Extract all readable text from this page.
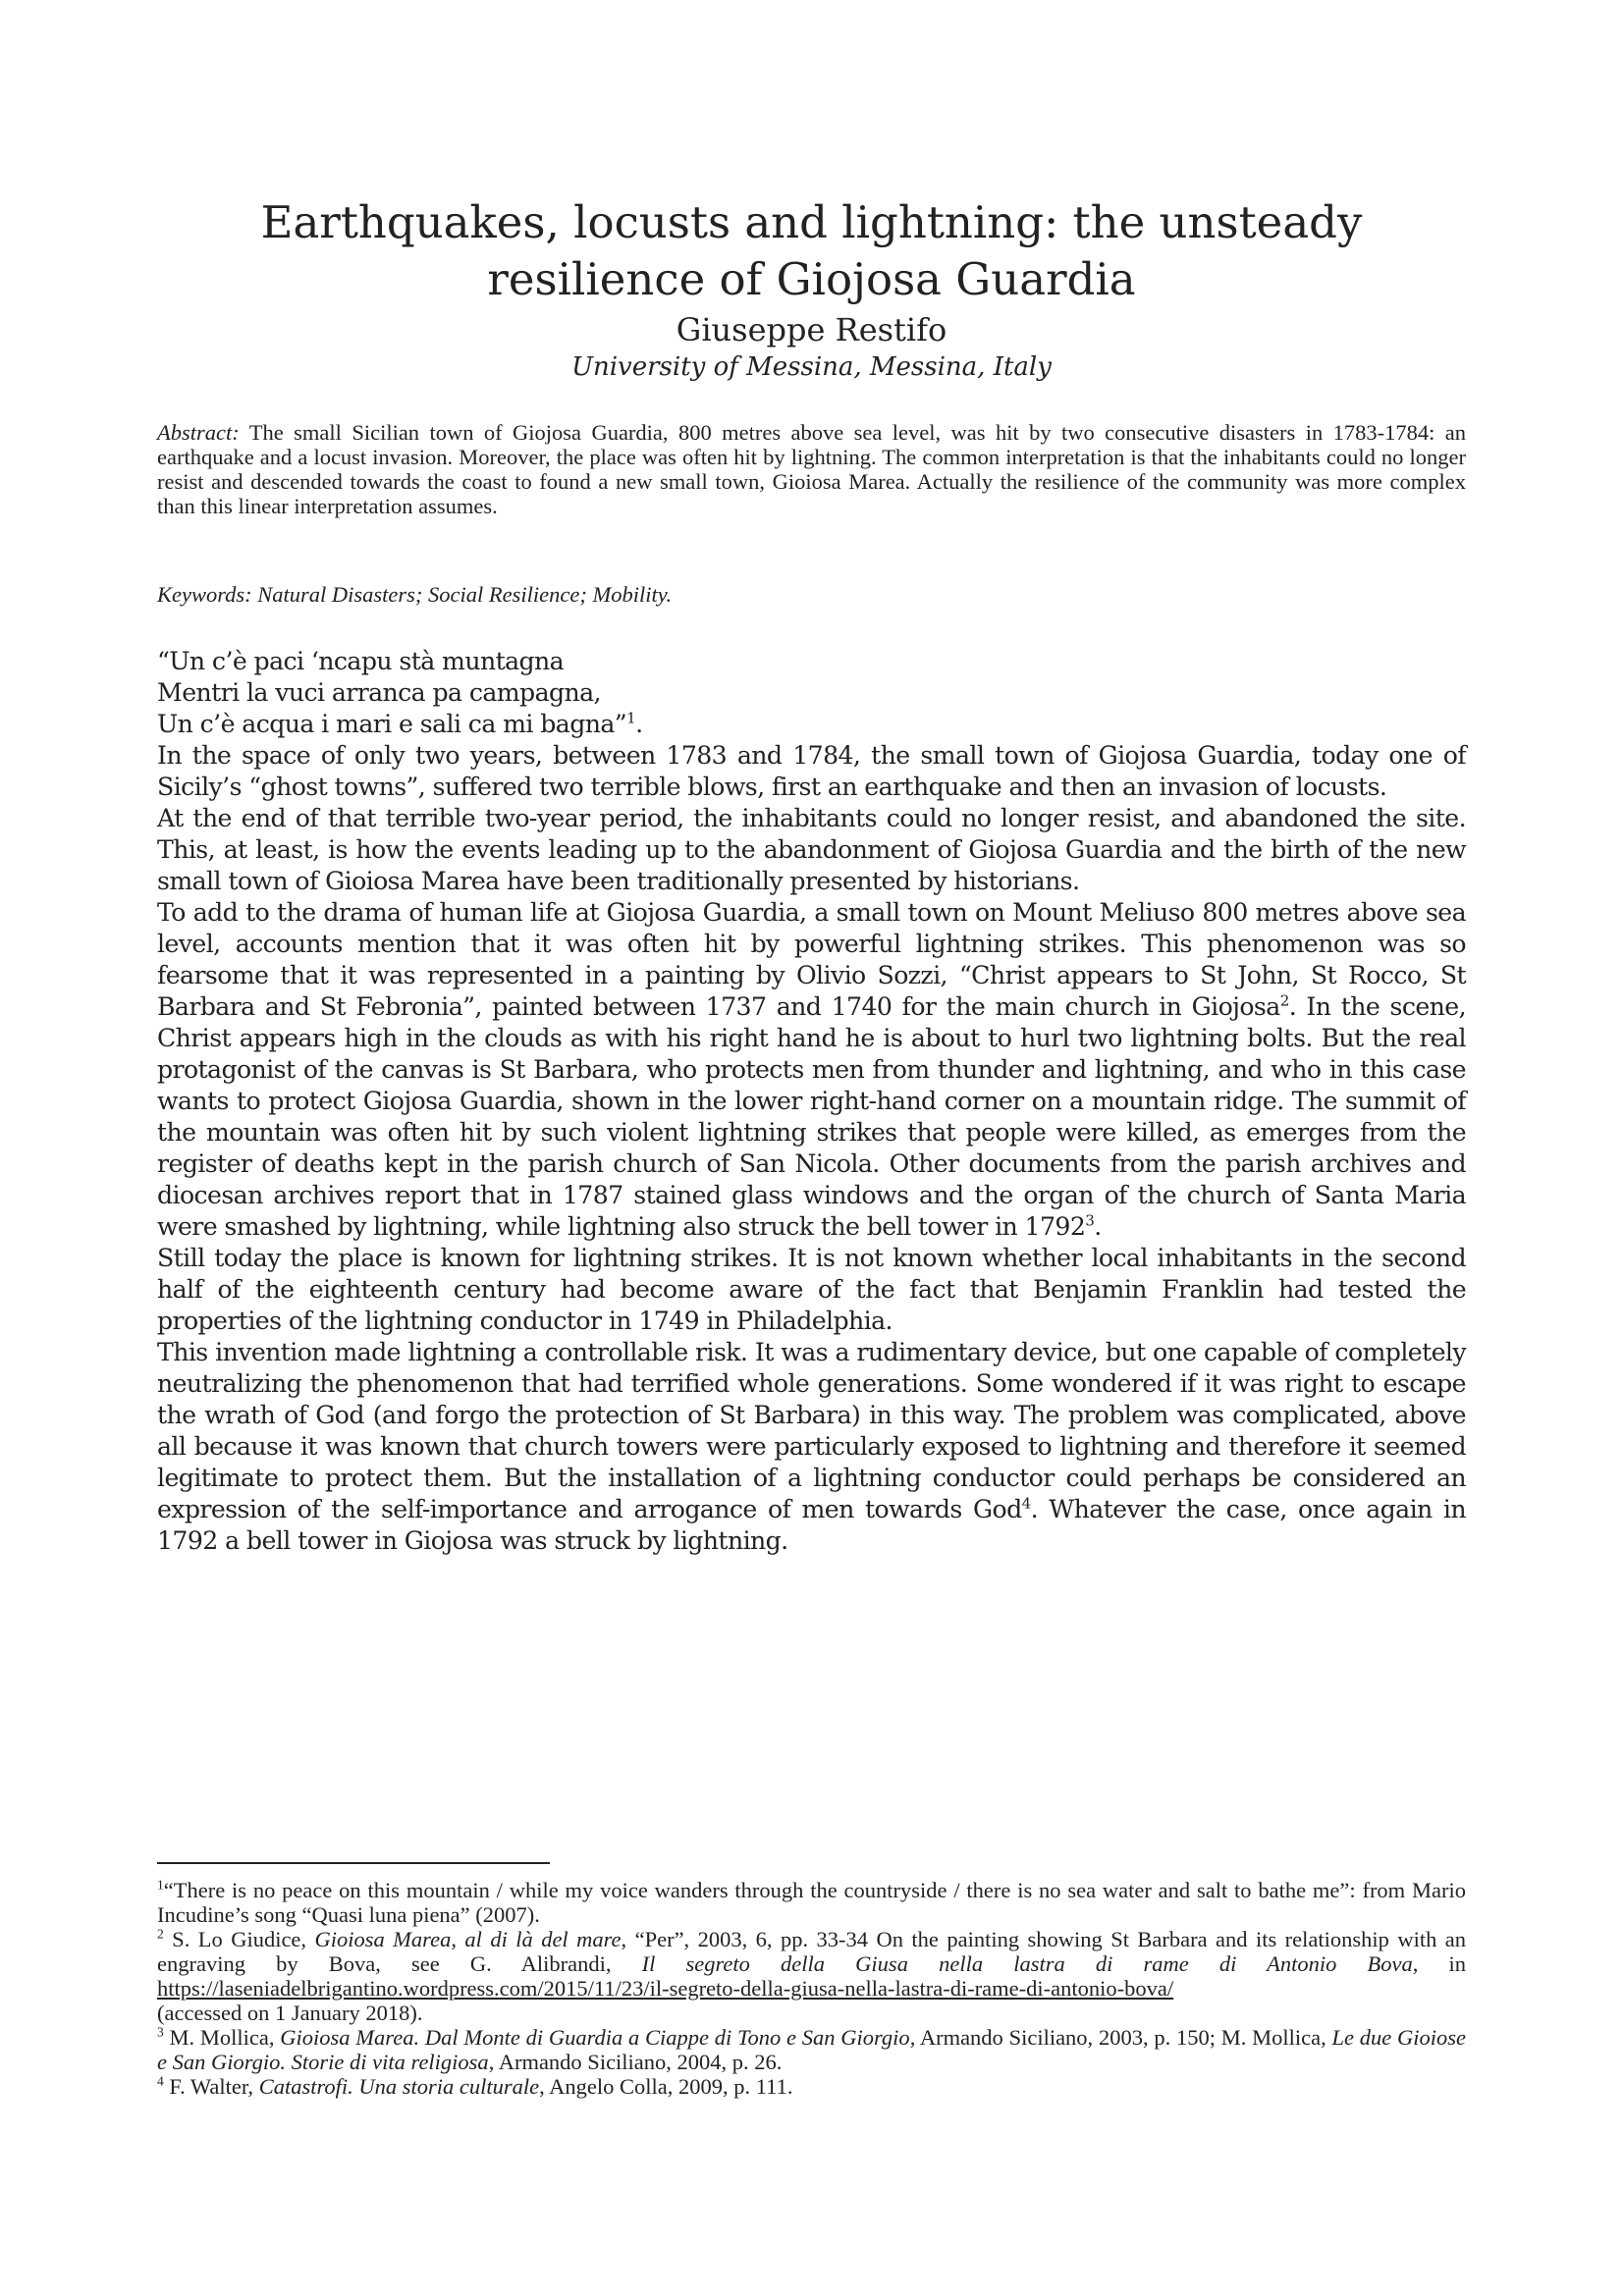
Earthquakes, locusts and lightning: the unsteady resilience of Giojosa Guardia
Giuseppe Restifo
University of Messina, Messina, Italy
Abstract: The small Sicilian town of Giojosa Guardia, 800 metres above sea level, was hit by two consecutive disasters in 1783-1784: an earthquake and a locust invasion. Moreover, the place was often hit by lightning. The common interpretation is that the inhabitants could no longer resist and descended towards the coast to found a new small town, Gioiosa Marea. Actually the resilience of the community was more complex than this linear interpretation assumes.
Keywords: Natural Disasters; Social Resilience; Mobility.

“Un c’è paci ‘ncapu stà muntagna

Mentri la vuci arranca pa campagna,

Un c’è acqua i mari e sali ca mi bagna”$^1$.

In the space of only two years, between 1783 and 1784, the small town of Giojosa Guardia, today one of Sicily’s “ghost towns”, suffered two terrible blows, first an earthquake and then an invasion of locusts.

At the end of that terrible two-year period, the inhabitants could no longer resist, and abandoned the site. This, at least, is how the events leading up to the abandonment of Giojosa Guardia and the birth of the new small town of Gioiosa Marea have been traditionally presented by historians.

To add to the drama of human life at Giojosa Guardia, a small town on Mount Meliuso 800 metres above sea level, accounts mention that it was often hit by powerful lightning strikes. This phenomenon was so fearsome that it was represented in a painting by Olivio Sozzi, “Christ appears to St John, St Rocco, St Barbara and St Febronia”, painted between 1737 and 1740 for the main church in Giojosa$^2$. In the scene, Christ appears high in the clouds as with his right hand he is about to hurl two lightning bolts. But the real protagonist of the canvas is St Barbara, who protects men from thunder and lightning, and who in this case wants to protect Giojosa Guardia, shown in the lower right-hand corner on a mountain ridge. The summit of the mountain was often hit by such violent lightning strikes that people were killed, as emerges from the register of deaths kept in the parish church of San Nicola. Other documents from the parish archives and diocesan archives report that in 1787 stained glass windows and the organ of the church of Santa Maria were smashed by lightning, while lightning also struck the bell tower in 1792$^3$.

Still today the place is known for lightning strikes. It is not known whether local inhabitants in the second half of the eighteenth century had become aware of the fact that Benjamin Franklin had tested the properties of the lightning conductor in 1749 in Philadelphia.

This invention made lightning a controllable risk. It was a rudimentary device, but one capable of completely neutralizing the phenomenon that had terrified whole generations. Some wondered if it was right to escape the wrath of God (and forgo the protection of St Barbara) in this way. The problem was complicated, above all because it was known that church towers were particularly exposed to lightning and therefore it seemed legitimate to protect them. But the installation of a lightning conductor could perhaps be considered an expression of the self-importance and arrogance of men towards God$^4$. Whatever the case, once again in 1792 a bell tower in Giojosa was struck by lightning.

$^1$“There is no peace on this mountain / while my voice wanders through the countryside / there is no sea water and salt to bathe me”: from Mario Incudine’s song “Quasi luna piena” (2007).

$^2$ S. Lo Giudice, Gioiosa Marea, al di là del mare, “Per”, 2003, 6, pp. 33-34 On the painting showing St Barbara and its relationship with an engraving by Bova, see G. Alibrandi, Il segreto della Giusa nella lastra di rame di Antonio Bova, in https://laseniadelbrigantino.wordpress.com/2015/11/23/il-segreto-della-giusa-nella-lastra-di-rame-di-antonio-bova/
(accessed on 1 January 2018).

$^3$ M. Mollica, Gioiosa Marea. Dal Monte di Guardia a Ciappe di Tono e San Giorgio, Armando Siciliano, 2003, p. 150; M. Mollica, Le due Gioiose e San Giorgio. Storie di vita religiosa, Armando Siciliano, 2004, p. 26.

$^4$ F. Walter, Catastrofi. Una storia culturale, Angelo Colla, 2009, p. 111.
